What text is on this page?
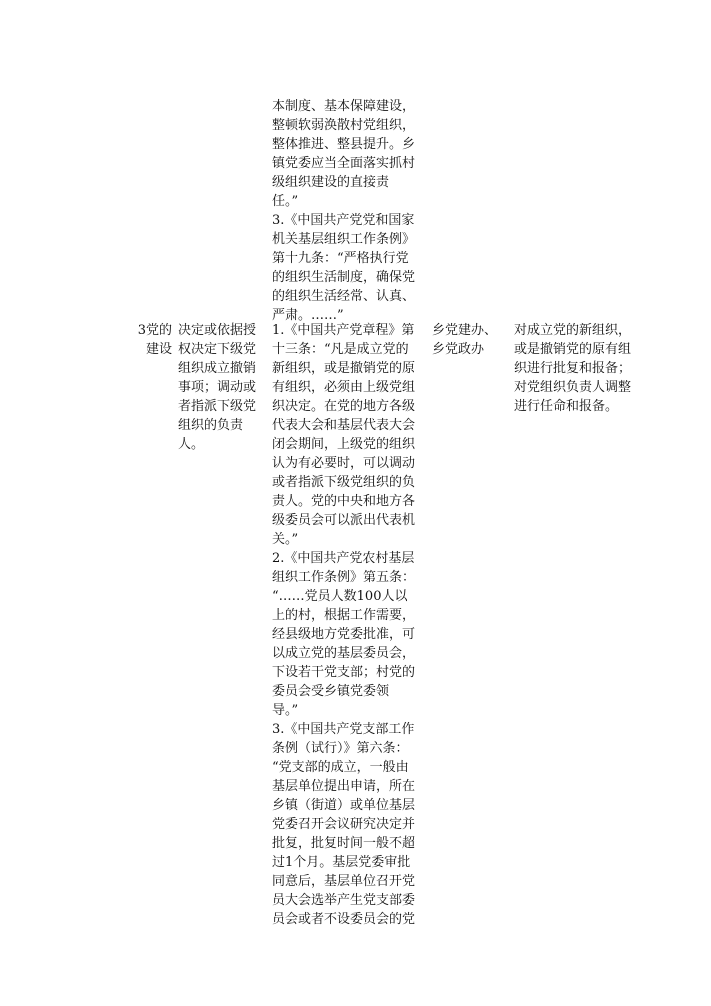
本制度、基本保障建设，
整顿软弱涣散村党组织，
整体推进、整县提升。乡
镇党委应当全面落实抓村
级组织建设的直接责
任。”
3.《中国共产党党和国家
机关基层组织工作条例》
第十九条：“严格执行党
的组织生活制度，确保党
的组织生活经常、认真、
严肃。……”
3党的
建设
决定或依据授
权决定下级党
组织成立撤销
事项；调动或
者指派下级党
组织的负责
人。
1.《中国共产党章程》第
十三条：“凡是成立党的
新组织，或是撤销党的原
有组织，必须由上级党组
织决定。在党的地方各级
代表大会和基层代表大会
闭会期间，上级党的组织
认为有必要时，可以调动
或者指派下级党组织的负
责人。党的中央和地方各
级委员会可以派出代表机
关。”
2.《中国共产党农村基层
组织工作条例》第五条：
“……党员人数100人以
上的村，根据工作需要，
经县级地方党委批准，可
以成立党的基层委员会，
下设若干党支部；村党的
委员会受乡镇党委领
导。”
3.《中国共产党支部工作
条例（试行）》第六条：
“党支部的成立，一般由
基层单位提出申请，所在
乡镇（街道）或单位基层
党委召开会议研究决定并
批复，批复时间一般不超
过1个月。基层党委审批
同意后，基层单位召开党
员大会选举产生党支部委
员会或者不设委员会的党
乡党建办、
乡党政办
对成立党的新组织，
或是撤销党的原有组
织进行批复和报备；
对党组织负责人调整
进行任命和报备。
